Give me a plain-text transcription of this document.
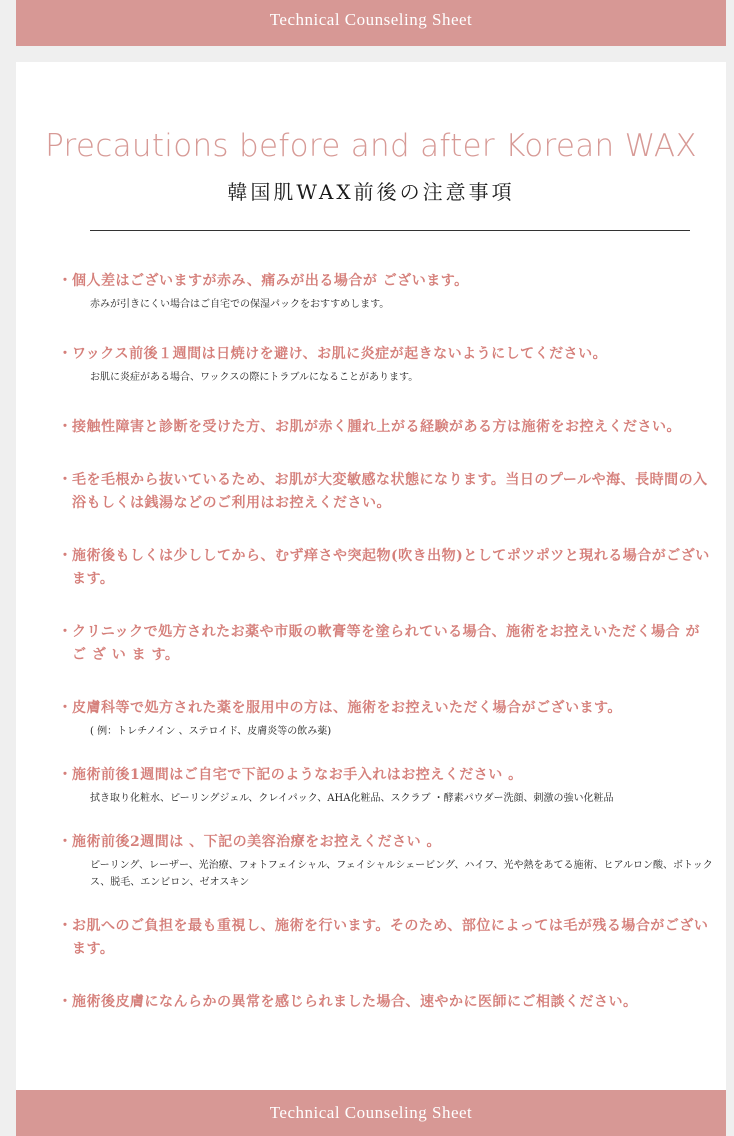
Technical Counseling Sheet
Precautions before and after Korean WAX
韓国肌WAX前後の注意事項
・個人差はございますが赤み、痛みが出る場合が ございます。
赤みが引きにくい場合はご自宅での保湿パックをおすすめします。
・ワックス前後１週間は日焼けを避け、お肌に炎症が起きないようにしてください。
お肌に炎症がある場合、ワックスの際にトラブルになることがあります。
・接触性障害と診断を受けた方、お肌が赤く腫れ上がる経験がある方は施術をお控えください。
・毛を毛根から抜いているため、お肌が大変敏感な状態になります。当日のプールや海、長時間の入浴もしくは銭湯などのご利用はお控えください。
・施術後もしくは少ししてから、むず痒さや突起物(吹き出物)としてポツポツと現れる場合がございます。
・クリニックで処方されたお薬や市販の軟膏等を塗られている場合、施術をお控えいただく場合 が ご ざ い ま す。
・皮膚科等で処方された薬を服用中の方は、施術をお控えいただく場合がございます。
( 例：トレチノイン 、ステロイド、皮膚炎等の飲み薬)
・施術前後1週間はご自宅で下記のようなお手入れはお控えください 。
拭き取り化粧水、ピーリングジェル、クレイパック、AHA化粧品、スクラブ ・酵素パウダー洗顔、刺激の強い化粧品
・施術前後2週間は 、下記の美容治療をお控えください 。
ピーリング、レーザー、光治療、フォトフェイシャル、フェイシャルシェービング、ハイフ、光や熱をあてる施術、ヒアルロン酸、ボトックス、脱毛、エンビロン、ゼオスキン
・お肌へのご負担を最も重視し、施術を行います。そのため、部位によっては毛が残る場合がございます。
・施術後皮膚になんらかの異常を感じられました場合、速やかに医師にご相談ください。
Technical Counseling Sheet
